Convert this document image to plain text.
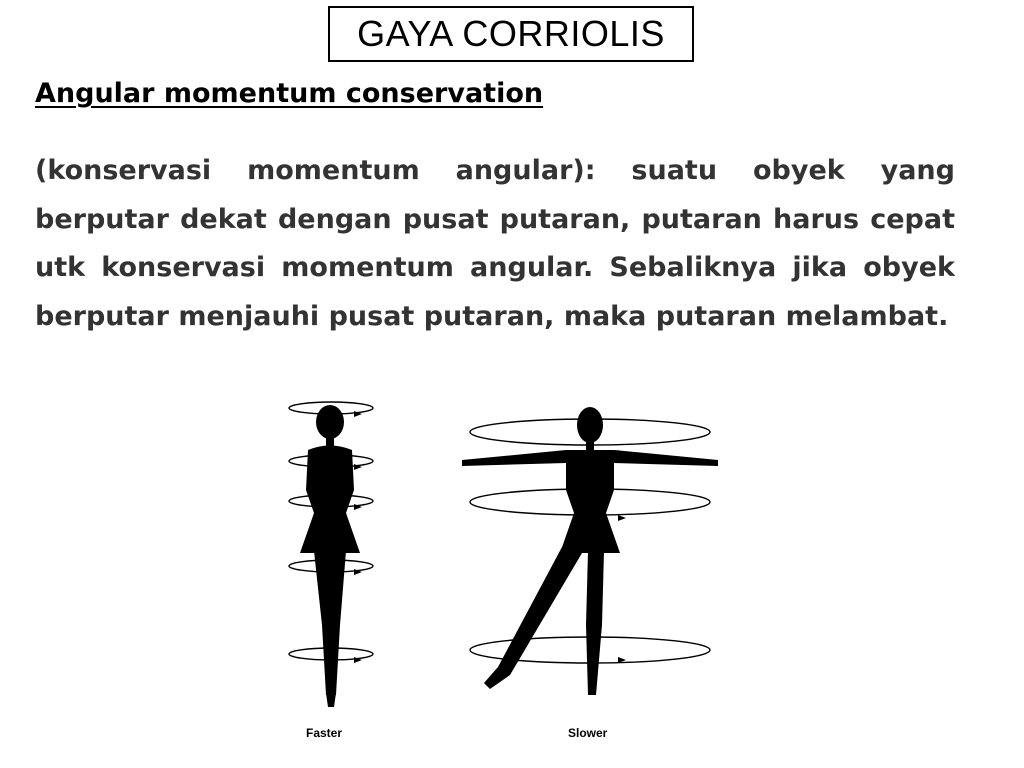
GAYA CORRIOLIS
Angular momentum conservation

(konservasi momentum angular): suatu obyek yang berputar dekat dengan pusat putaran, putaran harus cepat utk konservasi momentum angular. Sebaliknya jika obyek berputar menjauhi pusat putaran, maka putaran melambat.

Faster	Slower
